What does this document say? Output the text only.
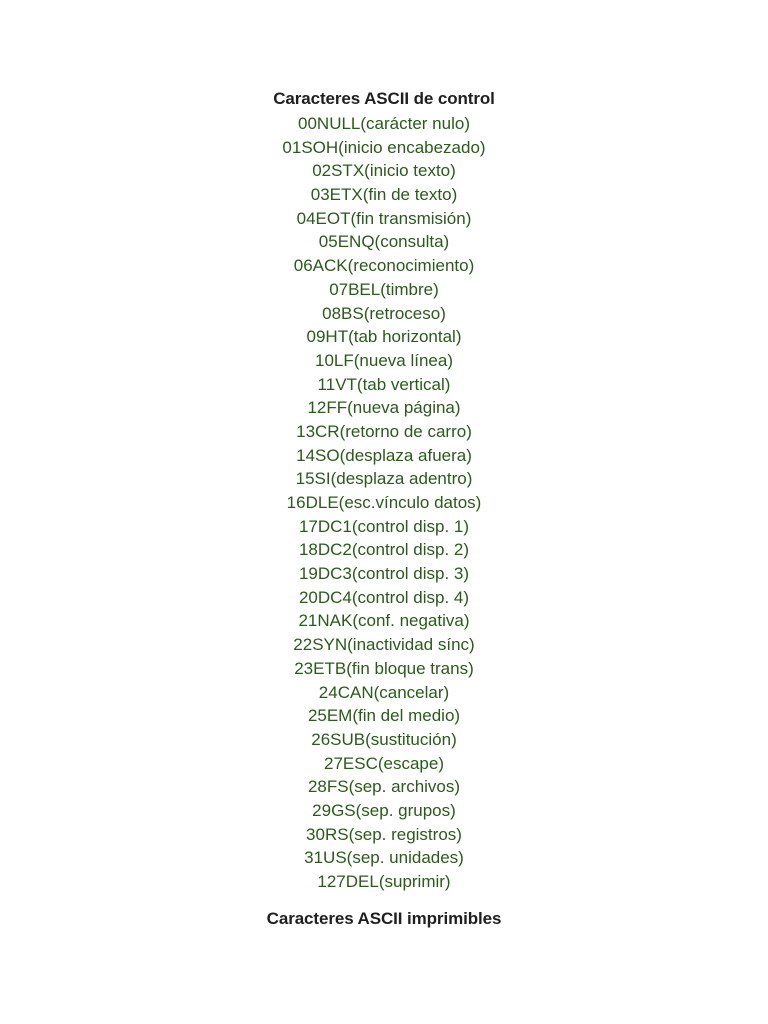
Caracteres ASCII de control
00NULL(carácter nulo)
01SOH(inicio encabezado)
02STX(inicio texto)
03ETX(fin de texto)
04EOT(fin transmisión)
05ENQ(consulta)
06ACK(reconocimiento)
07BEL(timbre)
08BS(retroceso)
09HT(tab horizontal)
10LF(nueva línea)
11VT(tab vertical)
12FF(nueva página)
13CR(retorno de carro)
14SO(desplaza afuera)
15SI(desplaza adentro)
16DLE(esc.vínculo datos)
17DC1(control disp. 1)
18DC2(control disp. 2)
19DC3(control disp. 3)
20DC4(control disp. 4)
21NAK(conf. negativa)
22SYN(inactividad sínc)
23ETB(fin bloque trans)
24CAN(cancelar)
25EM(fin del medio)
26SUB(sustitución)
27ESC(escape)
28FS(sep. archivos)
29GS(sep. grupos)
30RS(sep. registros)
31US(sep. unidades)
127DEL(suprimir)
Caracteres ASCII imprimibles
